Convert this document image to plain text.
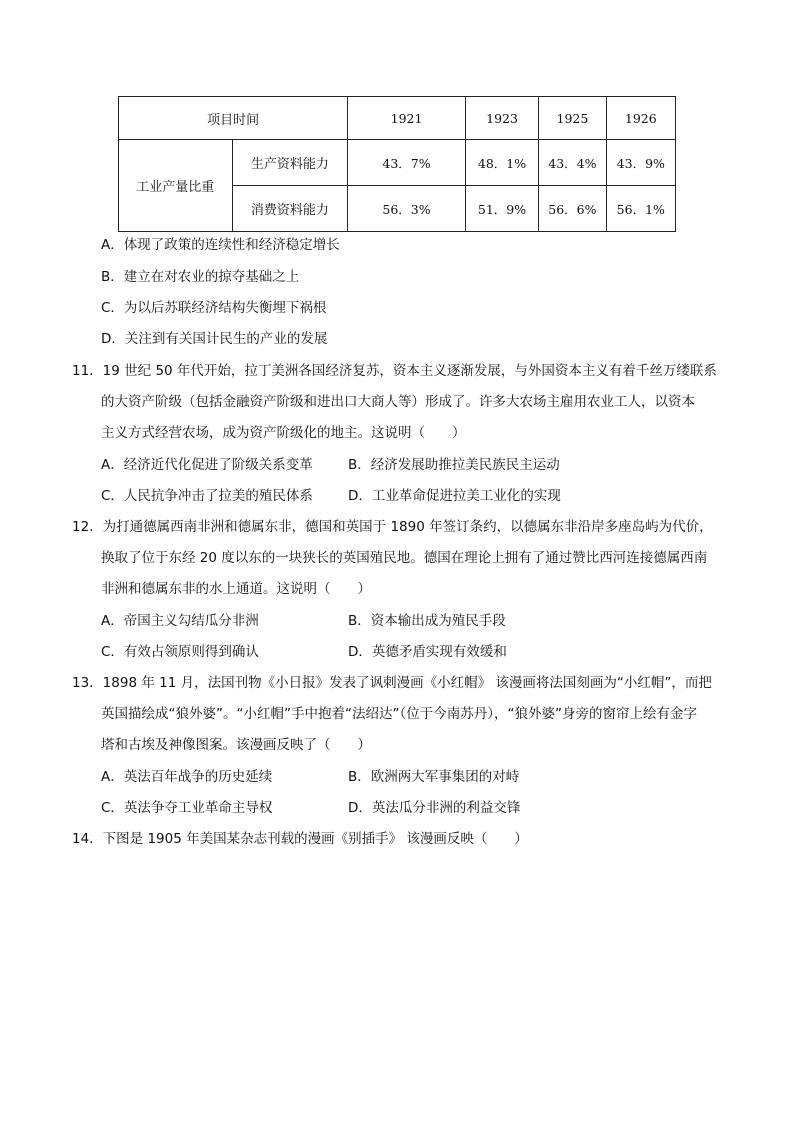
项目时间		1921	1923	1925	1926
工业产量比重	生产资料能力	43．7%	48．1%	43．4%	43．9%
	消费资料能力	56．3%	51．9%	56．6%	56．1%
A．体现了政策的连续性和经济稳定增长
B．建立在对农业的掠夺基础之上
C．为以后苏联经济结构失衡埋下祸根
D．关注到有关国计民生的产业的发展
11．19 世纪 50 年代开始，拉丁美洲各国经济复苏，资本主义逐渐发展，与外国资本主义有着千丝万缕联系
的大资产阶级（包括金融资产阶级和进出口大商人等）形成了。许多大农场主雇用农业工人，以资本
主义方式经营农场，成为资产阶级化的地主。这说明（　　）
A．经济近代化促进了阶级关系变革	B．经济发展助推拉美民族民主运动
C．人民抗争冲击了拉美的殖民体系	D．工业革命促进拉美工业化的实现
12．为打通德属西南非洲和德属东非，德国和英国于 1890 年签订条约，以德属东非沿岸多座岛屿为代价，
换取了位于东经 20 度以东的一块狭长的英国殖民地。德国在理论上拥有了通过赞比西河连接德属西南
非洲和德属东非的水上通道。这说明（　　）
A．帝国主义勾结瓜分非洲	B．资本输出成为殖民手段
C．有效占领原则得到确认	D．英德矛盾实现有效缓和
13．1898 年 11 月，法国刊物《小日报》发表了讽刺漫画《小红帽》 该漫画将法国刻画为“小红帽”，而把
英国描绘成“狼外婆”。“小红帽”手中抱着“法绍达”（位于今南苏丹），“狼外婆”身旁的窗帘上绘有金字
塔和古埃及神像图案。该漫画反映了（　　）
A．英法百年战争的历史延续	B．欧洲两大军事集团的对峙
C．英法争夺工业革命主导权	D．英法瓜分非洲的利益交锋
14．下图是 1905 年美国某杂志刊载的漫画《别插手》 该漫画反映（　　）
